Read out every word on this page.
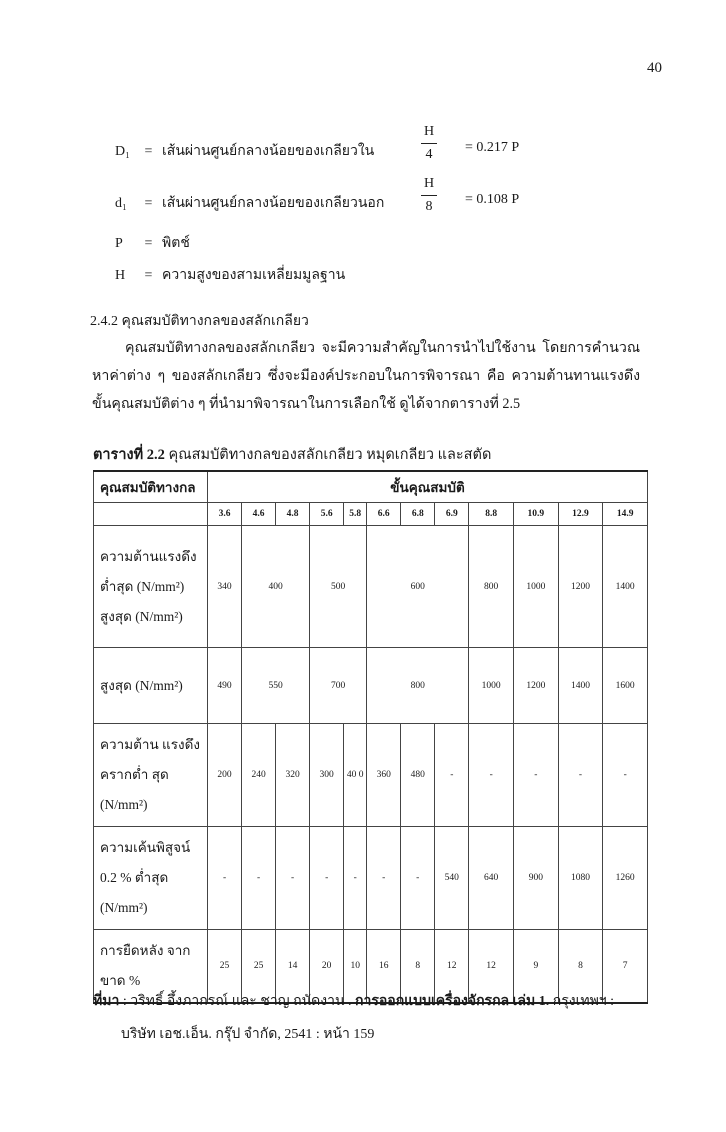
40
D₁ = เส้นผ่านศูนย์กลางน้อยของเกลียวใน
H
4	= 0.217 P
d₁ = เส้นผ่านศูนย์กลางน้อยของเกลียวนอก
H
8	= 0.108 P
P = พิตช์
H = ความสูงของสามเหลี่ยมมูลฐาน
2.4.2 คุณสมบัติทางกลของสลักเกลียว
คุณสมบัติทางกลของสลักเกลียว จะมีความสำคัญในการนำไปใช้งาน โดยการคำนวณหาค่าต่าง ๆ ของสลักเกลียว ซึ่งจะมีองค์ประกอบในการพิจารณา คือ ความต้านทานแรงดึง ขั้นคุณสมบัติต่าง ๆ ที่นำมาพิจารณาในการเลือกใช้ ดูได้จากตารางที่ 2.5
ตารางที่ 2.2 คุณสมบัติทางกลของสลักเกลียว หมุดเกลียว และสตัด
คุณสมบัติทางกล	ขั้นคุณสมบัติ											
	3.6	4.6	4.8	5.6	5.8	6.6	6.8	6.9	8.8	10.9	12.9	14.9
ความต้านแรงดึง ต่ำสุด (N/mm²) สูงสุด (N/mm²)	340	400		500		600			800	1000	1200	1400
สูงสุด (N/mm²)	490	550		700		800			1000	1200	1400	1600
ความต้าน แรงดึงครากต่ำ สุด (N/mm²)	200	240	320	300	40 0	360	480	-	-	-	-	-
ความเค้นพิสูจน์ 0.2 % ต่ำสุด (N/mm²)	-	-	-	-	-	-	-	540	640	900	1080	1260
การยืดหลัง จาก ขาด %	25	25	14	20	10	16	8	12	12	9	8	7
ที่มา : วริทธิ์ อึ้งภากรณ์ และ ชาญ ถนัดงาน . การออกแบบเครื่องจักรกล เล่ม 1. กรุงเทพฯ :
บริษัท เอช.เอ็น. กรุ๊ป จำกัด, 2541 : หน้า 159
